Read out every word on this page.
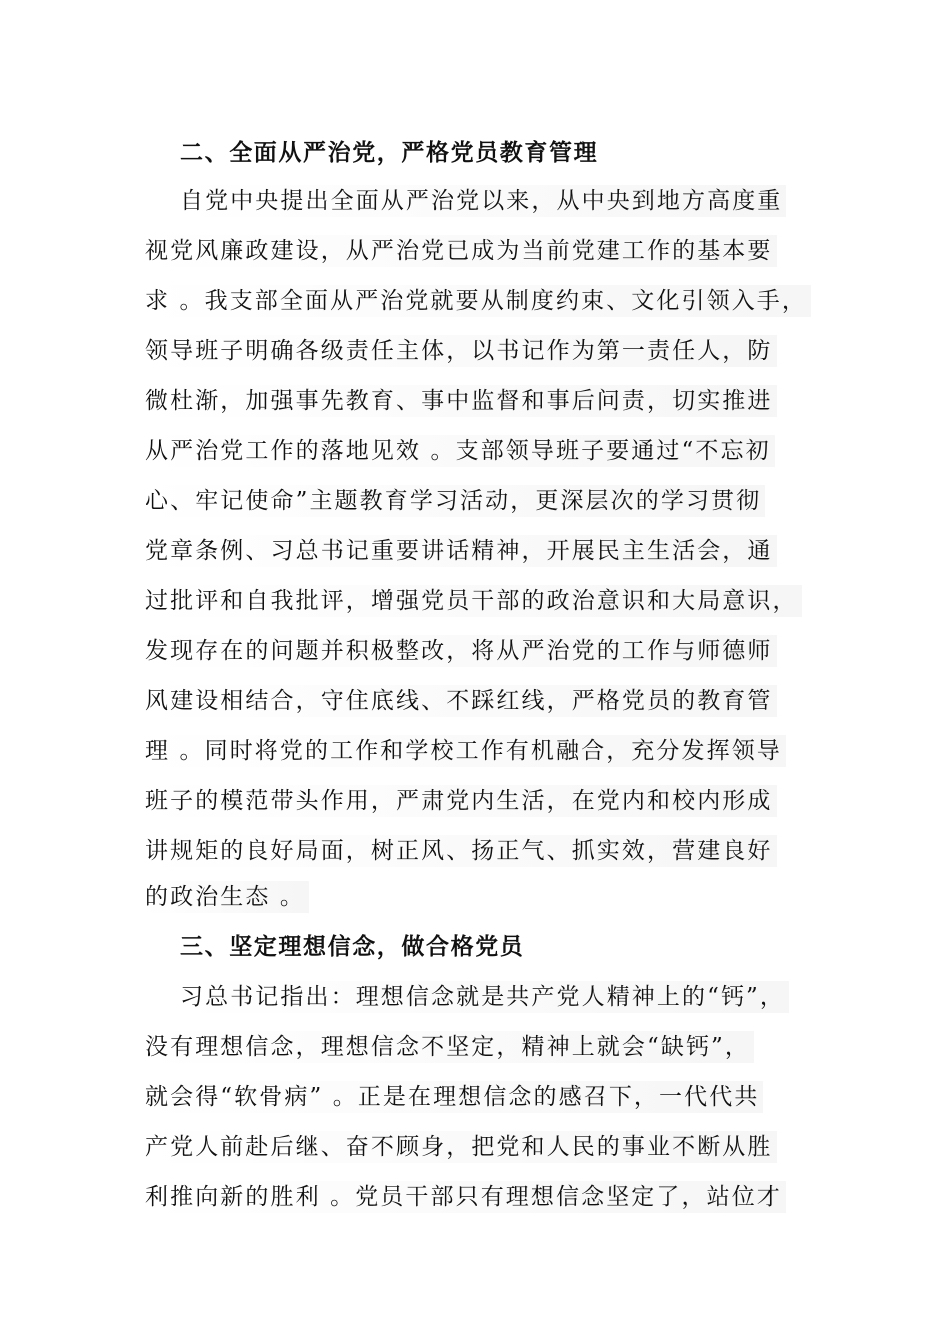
二、全面从严治党，严格党员教育管理
自党中央提出全面从严治党以来，从中央到地方高度重
视党风廉政建设，从严治党已成为当前党建工作的基本要
求 。我支部全面从严治党就要从制度约束、文化引领入手，
领导班子明确各级责任主体，以书记作为第一责任人，防
微杜渐，加强事先教育、事中监督和事后问责，切实推进
从严治党工作的落地见效 。支部领导班子要通过“不忘初
心、牢记使命”主题教育学习活动，更深层次的学习贯彻
党章条例、习总书记重要讲话精神，开展民主生活会，通
过批评和自我批评，增强党员干部的政治意识和大局意识，
发现存在的问题并积极整改，将从严治党的工作与师德师
风建设相结合，守住底线、不踩红线，严格党员的教育管
理 。同时将党的工作和学校工作有机融合，充分发挥领导
班子的模范带头作用，严肃党内生活，在党内和校内形成
讲规矩的良好局面，树正风、扬正气、抓实效，营建良好
的政治生态 。
三、坚定理想信念，做合格党员
习总书记指出：理想信念就是共产党人精神上的“钙”，
没有理想信念，理想信念不坚定，精神上就会“缺钙”，
就会得“软骨病” 。正是在理想信念的感召下，一代代共
产党人前赴后继、奋不顾身，把党和人民的事业不断从胜
利推向新的胜利 。党员干部只有理想信念坚定了，站位才
